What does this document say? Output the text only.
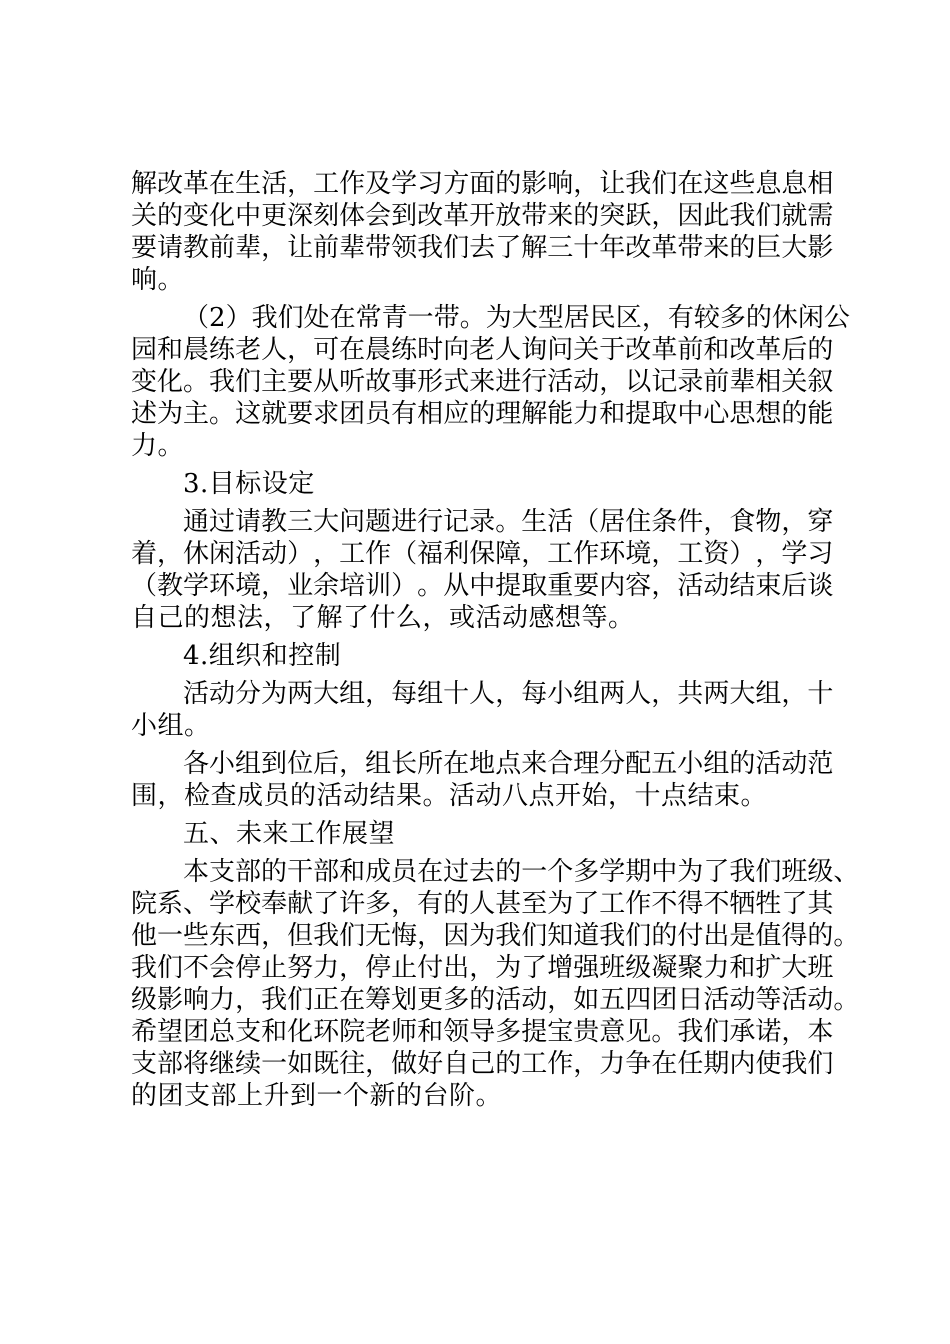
解 改 革 在 生 活 ， 工 作 及 学 习 方 面 的 影 响 ， 让 我 们 在 这 些 息 息 相
关 的 变 化 中 更 深 刻 体 会 到 改 革 开 放 带 来 的 突 跃 ， 因 此 我 们 就 需
要 请 教 前 辈 ， 让 前 辈 带 领 我 们 去 了 解 三 十 年 改 革 带 来 的 巨 大 影
响。
（ 2 ） 我 们 处 在 常 青 一 带 。 为 大 型 居 民 区 ， 有 较 多 的 休 闲 公
园 和 晨 练 老 人 ， 可 在 晨 练 时 向 老 人 询 问 关 于 改 革 前 和 改 革 后 的
变 化 。 我 们 主 要 从 听 故 事 形 式 来 进 行 活 动 ， 以 记 录 前 辈 相 关 叙
述 为 主 。 这 就 要 求 团 员 有 相 应 的 理 解 能 力 和 提 取 中 心 思 想 的 能
力。
3.目标设定
通 过 请 教 三 大 问 题 进 行 记 录 。 生 活 （ 居 住 条 件 ， 食 物 ， 穿
着 ， 休 闲 活 动 ） ， 工 作 （ 福 利 保 障 ， 工 作 环 境 ， 工 资 ） ， 学 习
（ 教 学 环 境 ， 业 余 培 训 ） 。 从 中 提 取 重 要 内 容 ， 活 动 结 束 后 谈
自己的想法，了解了什么，或活动感想等。
4.组织和控制
活 动 分 为 两 大 组 ， 每 组 十 人 ， 每 小 组 两 人 ， 共 两 大 组 ， 十
小组。
各 小 组 到 位 后 ， 组 长 所 在 地 点 来 合 理 分 配 五 小 组 的 活 动 范
围，检查成员的活动结果。活动八点开始，十点结束。
五、未来工作展望
本 支 部 的 干 部 和 成 员 在 过 去 的 一 个 多 学 期 中 为 了 我 们 班 级 、
院 系 、 学 校 奉 献 了 许 多 ， 有 的 人 甚 至 为 了 工 作 不 得 不 牺 牲 了 其
他 一 些 东 西 ， 但 我 们 无 悔 ， 因 为 我 们 知 道 我 们 的 付 出 是 值 得 的 。
我 们 不 会 停 止 努 力 ， 停 止 付 出 ， 为 了 增 强 班 级 凝 聚 力 和 扩 大 班
级 影 响 力 ， 我 们 正 在 筹 划 更 多 的 活 动 ， 如 五 四 团 日 活 动 等 活 动 。
希 望 团 总 支 和 化 环 院 老 师 和 领 导 多 提 宝 贵 意 见 。 我 们 承 诺 ， 本
支 部 将 继 续 一 如 既 往 ， 做 好 自 己 的 工 作 ， 力 争 在 任 期 内 使 我 们
的团支部上升到一个新的台阶。
